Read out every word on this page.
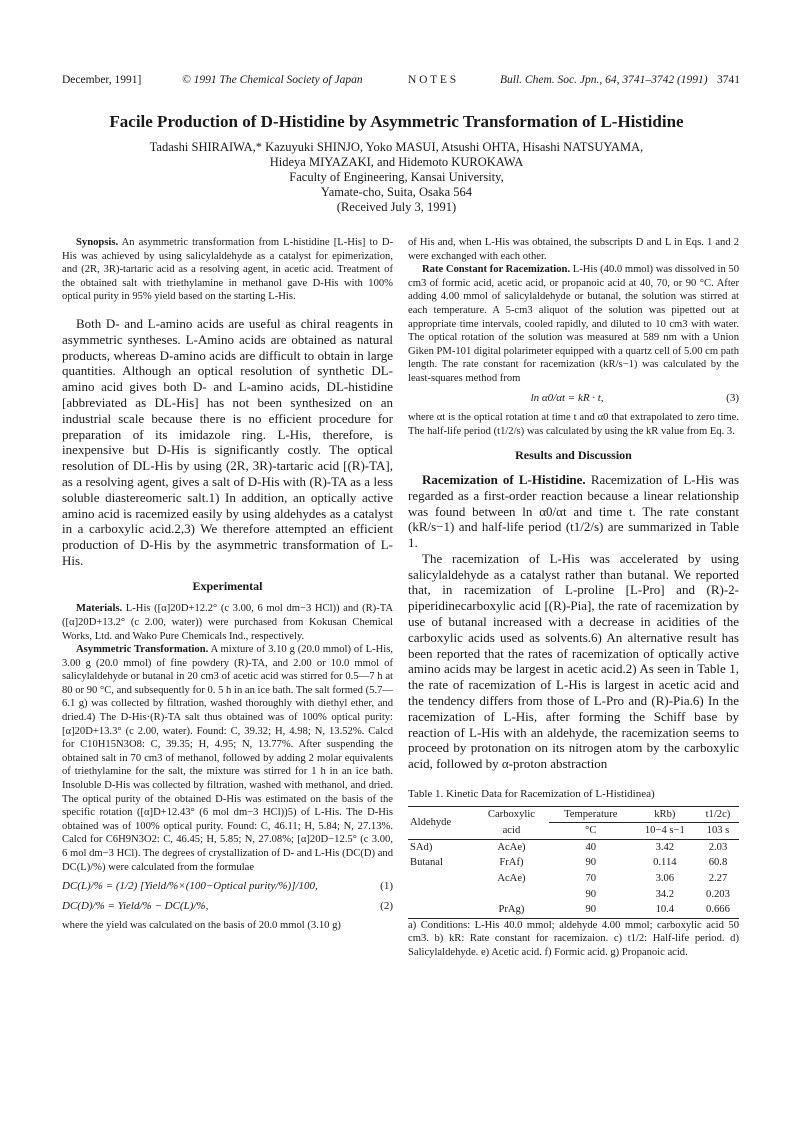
December, 1991]	© 1991 The Chemical Society of Japan	N O T E S	Bull. Chem. Soc. Jpn., 64, 3741–3742 (1991) 3741
Facile Production of D-Histidine by Asymmetric Transformation of L-Histidine
Tadashi SHIRAIWA,* Kazuyuki SHINJO, Yoko MASUI, Atsushi OHTA, Hisashi NATSUYAMA,
Hideya MIYAZAKI, and Hidemoto KUROKAWA
Faculty of Engineering, Kansai University,
Yamate-cho, Suita, Osaka 564
(Received July 3, 1991)

Synopsis. An asymmetric transformation from L-histidine [L-His] to D-His was achieved by using salicylaldehyde as a catalyst for epimerization, and (2R, 3R)-tartaric acid as a resolving agent, in acetic acid. Treatment of the obtained salt with triethylamine in methanol gave D-His with 100% optical purity in 95% yield based on the starting L-His.

Both D- and L-amino acids are useful as chiral reagents in asymmetric syntheses. L-Amino acids are obtained as natural products, whereas D-amino acids are difficult to obtain in large quantities. Although an optical resolution of synthetic DL-amino acid gives both D- and L-amino acids, DL-histidine [abbreviated as DL-His] has not been synthesized on an industrial scale because there is no efficient procedure for preparation of its imidazole ring. L-His, therefore, is inexpensive but D-His is significantly costly. The optical resolution of DL-His by using (2R, 3R)-tartaric acid [(R)-TA], as a resolving agent, gives a salt of D-His with (R)-TA as a less soluble diastereomeric salt.1) In addition, an optically active amino acid is racemized easily by using aldehydes as a catalyst in a carboxylic acid.2,3) We therefore attempted an efficient production of D-His by the asymmetric transformation of L-His.

Experimental

Materials. L-His ([α]20D+12.2° (c 3.00, 6 mol dm−3 HCl)) and (R)-TA ([α]20D+13.2° (c 2.00, water)) were purchased from Kokusan Chemical Works, Ltd. and Wako Pure Chemicals Ind., respectively.

Asymmetric Transformation. A mixture of 3.10 g (20.0 mmol) of L-His, 3.00 g (20.0 mmol) of fine powdery (R)-TA, and 2.00 or 10.0 mmol of salicylaldehyde or butanal in 20 cm3 of acetic acid was stirred for 0.5—7 h at 80 or 90 °C, and subsequently for 0. 5 h in an ice bath. The salt formed (5.7—6.1 g) was collected by filtration, washed thoroughly with diethyl ether, and dried.4) The D-His·(R)-TA salt thus obtained was of 100% optical purity: [α]20D+13.3° (c 2.00, water). Found: C, 39.32; H, 4.98; N, 13.52%. Calcd for C10H15N3O8: C, 39.35; H, 4.95; N, 13.77%. After suspending the obtained salt in 70 cm3 of methanol, followed by adding 2 molar equivalents of triethylamine for the salt, the mixture was stirred for 1 h in an ice bath. Insoluble D-His was collected by filtration, washed with methanol, and dried. The optical purity of the obtained D-His was estimated on the basis of the specific rotation ([α]D+12.43° (6 mol dm−3 HCl))5) of L-His. The D-His obtained was of 100% optical purity. Found: C, 46.11; H, 5.84; N, 27.13%. Calcd for C6H9N3O2: C, 46.45; H, 5.85; N, 27.08%; [α]20D−12.5° (c 3.00, 6 mol dm−3 HCl). The degrees of crystallization of D- and L-His (DC(D) and DC(L)/%) were calculated from the formulae

DC(L)/% = (1/2) [Yield/%×(100−Optical purity/%)]/100,	(1)
DC(D)/% = Yield/% − DC(L)/%,	(2)

where the yield was calculated on the basis of 20.0 mmol (3.10 g)

of His and, when L-His was obtained, the subscripts D and L in Eqs. 1 and 2 were exchanged with each other.

Rate Constant for Racemization. L-His (40.0 mmol) was dissolved in 50 cm3 of formic acid, acetic acid, or propanoic acid at 40, 70, or 90 °C. After adding 4.00 mmol of salicylaldehyde or butanal, the solution was stirred at each temperature. A 5-cm3 aliquot of the solution was pipetted out at appropriate time intervals, cooled rapidly, and diluted to 10 cm3 with water. The optical rotation of the solution was measured at 589 nm with a Union Giken PM-101 digital polarimeter equipped with a quartz cell of 5.00 cm path length. The rate constant for racemization (kR/s−1) was calculated by the least-squares method from

ln α0/αt = kR · t,	(3)

where αt is the optical rotation at time t and α0 that extrapolated to zero time. The half-life period (t1/2/s) was calculated by using the kR value from Eq. 3.

Results and Discussion

Racemization of L-Histidine. Racemization of L-His was regarded as a first-order reaction because a linear relationship was found between ln α0/αt and time t. The rate constant (kR/s−1) and half-life period (t1/2/s) are summarized in Table 1.

The racemization of L-His was accelerated by using salicylaldehyde as a catalyst rather than butanal. We reported that, in racemization of L-proline [L-Pro] and (R)-2-piperidinecarboxylic acid [(R)-Pia], the rate of racemization by use of butanal increased with a decrease in acidities of the carboxylic acids used as solvents.6) An alternative result has been reported that the rates of racemization of optically active amino acids may be largest in acetic acid.2) As seen in Table 1, the rate of racemization of L-His is largest in acetic acid and the tendency differs from those of L-Pro and (R)-Pia.6) In the racemization of L-His, after forming the Schiff base by reaction of L-His with an aldehyde, the racemization seems to proceed by protonation on its nitrogen atom by the carboxylic acid, followed by α-proton abstraction

Table 1. Kinetic Data for Racemization of L-Histidinea)
Aldehyde	Carboxylic	Temperature	kRb)	t1/2c)
	acid	°C	10−4 s−1	103 s
SAd)	AcAe)	40	3.42	2.03
Butanal	FrAf)	90	0.114	60.8
	AcAe)	70	3.06	2.27
		90	34.2	0.203
	PrAg)	90	10.4	0.666

a) Conditions: L-His 40.0 mmol; aldehyde 4.00 mmol; carboxylic acid 50 cm3. b) kR: Rate constant for racemizaion. c) t1/2: Half-life period. d) Salicylaldehyde. e) Acetic acid. f) Formic acid. g) Propanoic acid.
